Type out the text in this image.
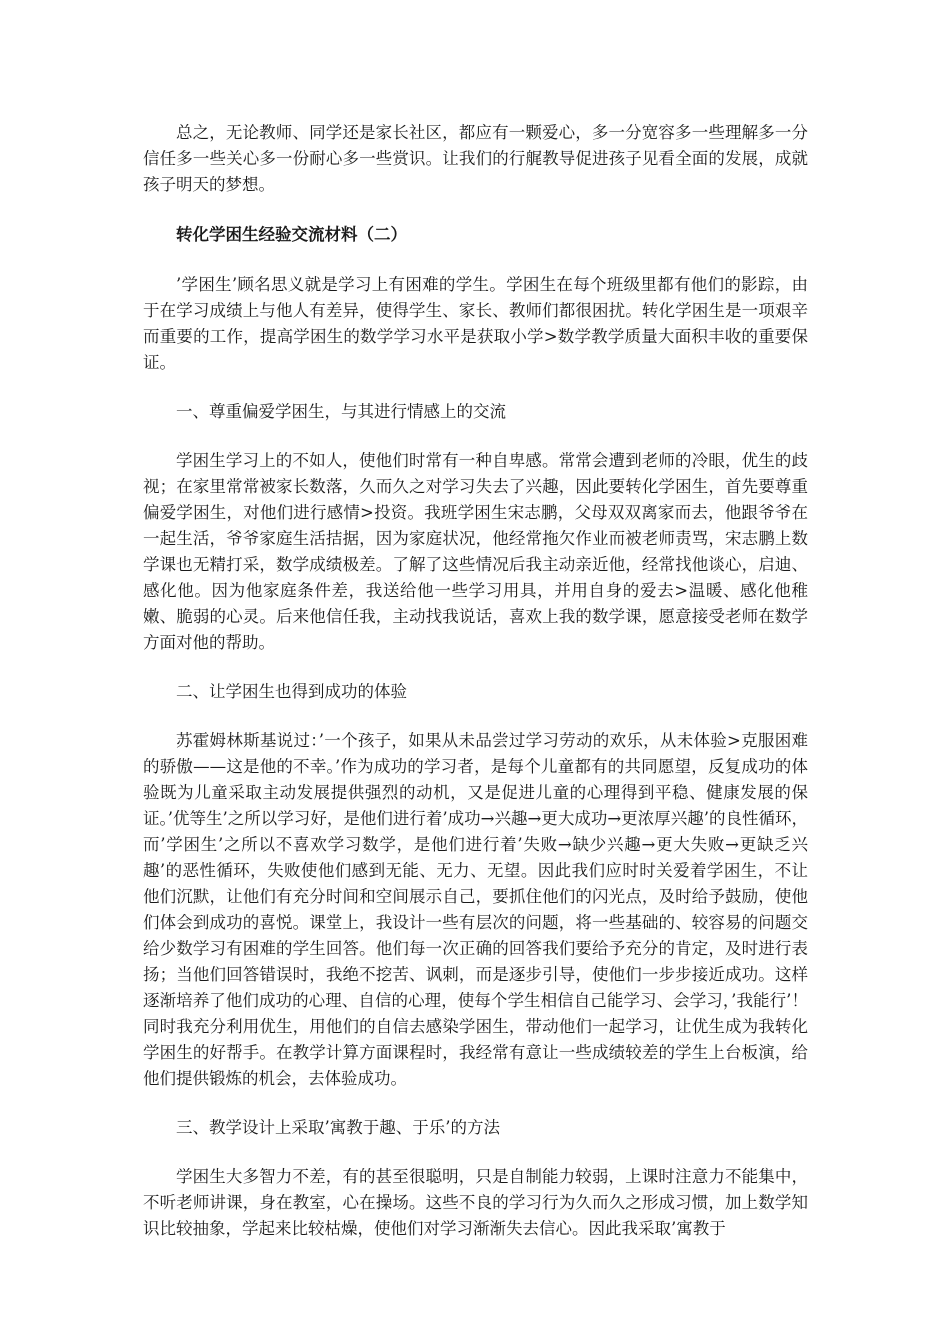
总之，无论教师、同学还是家长社区，都应有一颗爱心，多一分宽容多一些理解多一分信任多一些关心多一份耐心多一些赏识。让我们的行艉教导促进孩子见看全面的发展，成就孩子明天的梦想。

转化学困生经验交流材料（二）

’学困生’顾名思义就是学习上有困难的学生。学困生在每个班级里都有他们的影踪，由于在学习成绩上与他人有差异，使得学生、家长、教师们都很困扰。转化学困生是一项艰辛而重要的工作，提高学困生的数学学习水平是获取小学>数学教学质量大面积丰收的重要保证。

一、尊重偏爱学困生，与其进行情感上的交流

学困生学习上的不如人，使他们时常有一种自卑感。常常会遭到老师的冷眼，优生的歧视；在家里常常被家长数落，久而久之对学习失去了兴趣，因此要转化学困生，首先要尊重偏爱学困生，对他们进行感情>投资。我班学困生宋志鹏，父母双双离家而去，他跟爷爷在一起生活，爷爷家庭生活拮据，因为家庭状况，他经常拖欠作业而被老师责骂，宋志鹏上数学课也无精打采，数学成绩极差。了解了这些情况后我主动亲近他，经常找他谈心，启迪、感化他。因为他家庭条件差，我送给他一些学习用具，并用自身的爱去>温暖、感化他稚嫩、脆弱的心灵。后来他信任我，主动找我说话，喜欢上我的数学课，愿意接受老师在数学方面对他的帮助。

二、让学困生也得到成功的体验

苏霍姆林斯基说过：’一个孩子，如果从未品尝过学习劳动的欢乐，从未体验>克服困难的骄傲——这是他的不幸。’作为成功的学习者，是每个儿童都有的共同愿望，反复成功的体验既为儿童采取主动发展提供强烈的动机，又是促进儿童的心理得到平稳、健康发展的保证。’优等生’之所以学习好，是他们进行着’成功→兴趣→更大成功→更浓厚兴趣’的良性循环，而’学困生’之所以不喜欢学习数学，是他们进行着’失败→缺少兴趣→更大失败→更缺乏兴趣’的恶性循环，失败使他们感到无能、无力、无望。因此我们应时时关爱着学困生，不让他们沉默，让他们有充分时间和空间展示自己，要抓住他们的闪光点，及时给予鼓励，使他们体会到成功的喜悦。课堂上，我设计一些有层次的问题，将一些基础的、较容易的问题交给少数学习有困难的学生回答。他们每一次正确的回答我们要给予充分的肯定，及时进行表扬；当他们回答错误时，我绝不挖苦、讽刺，而是逐步引导，使他们一步步接近成功。这样逐渐培养了他们成功的心理、自信的心理，使每个学生相信自己能学习、会学习，’我能行’！同时我充分利用优生，用他们的自信去感染学困生，带动他们一起学习，让优生成为我转化学困生的好帮手。在教学计算方面课程时，我经常有意让一些成绩较差的学生上台板演，给他们提供锻炼的机会，去体验成功。

三、教学设计上采取’寓教于趣、于乐’的方法

学困生大多智力不差，有的甚至很聪明，只是自制能力较弱，上课时注意力不能集中，不听老师讲课，身在教室，心在操场。这些不良的学习行为久而久之形成习惯，加上数学知识比较抽象，学起来比较枯燥，使他们对学习渐渐失去信心。因此我采取’寓教于
